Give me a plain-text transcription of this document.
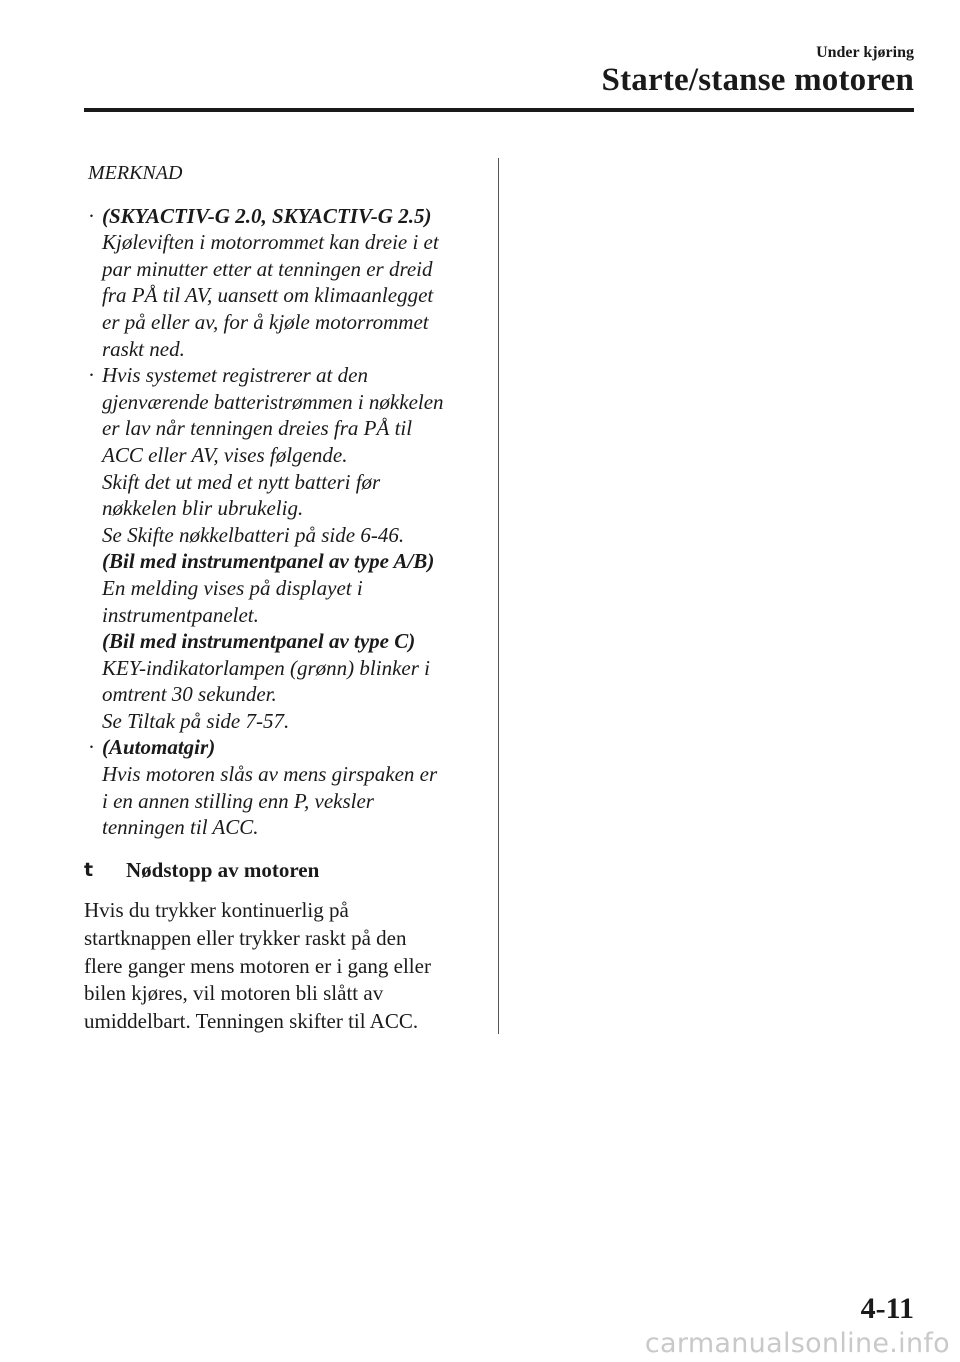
Under kjøring
Starte/stanse motoren
MERKNAD
· (SKYACTIV-G 2.0, SKYACTIV-G 2.5)
Kjøleviften i motorrommet kan dreie i et
par minutter etter at tenningen er dreid
fra PÅ til AV, uansett om klimaanlegget
er på eller av, for å kjøle motorrommet
raskt ned.
· Hvis systemet registrerer at den
gjenværende batteristrømmen i nøkkelen
er lav når tenningen dreies fra PÅ til
ACC eller AV, vises følgende.
Skift det ut med et nytt batteri før
nøkkelen blir ubrukelig.
Se Skifte nøkkelbatteri på side 6-46.
(Bil med instrumentpanel av type A/B)
En melding vises på displayet i
instrumentpanelet.
(Bil med instrumentpanel av type C)
KEY-indikatorlampen (grønn) blinker i
omtrent 30 sekunder.
Se Tiltak på side 7-57.
· (Automatgir)
Hvis motoren slås av mens girspaken er
i en annen stilling enn P, veksler
tenningen til ACC.
t Nødstopp av motoren
Hvis du trykker kontinuerlig på
startknappen eller trykker raskt på den
flere ganger mens motoren er i gang eller
bilen kjøres, vil motoren bli slått av
umiddelbart. Tenningen skifter til ACC.
4-11
carmanualsonline.info
